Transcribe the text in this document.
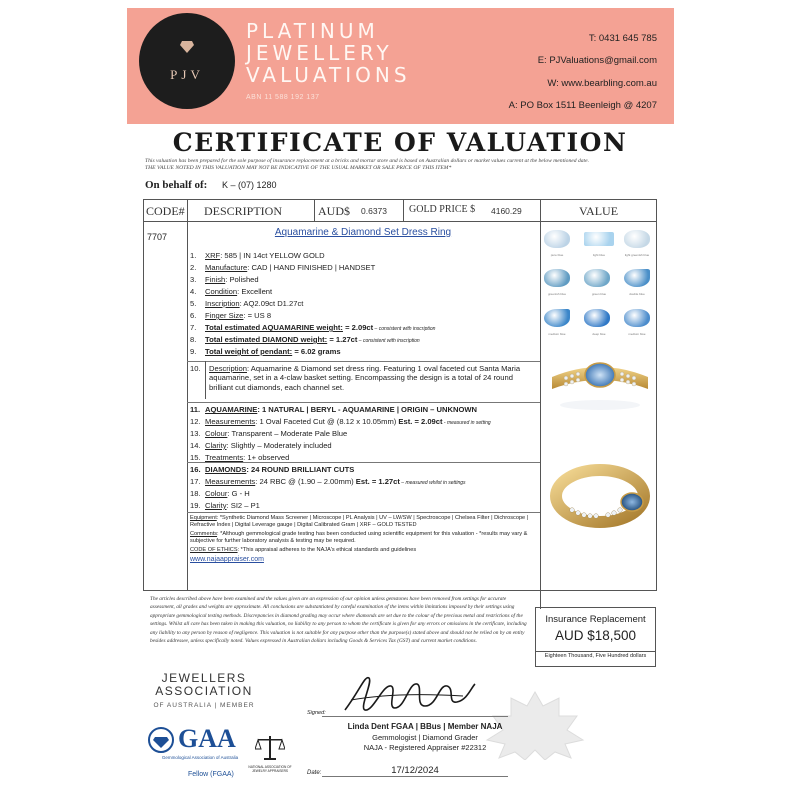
PJV
PLATINUM
JEWELLERY
VALUATIONS
ABN 11 588 192 137
T: 0431 645 785
E: PJValuations@gmail.com
W: www.bearbling.com.au
A: PO Box 1511 Beenleigh @ 4207
CERTIFICATE OF VALUATION
This valuation has been prepared for the sole purpose of insurance replacement at a bricks and mortar store and is based on Australian dollars or market values current at the below mentioned date.
THE VALUE NOTED IN THIS VALUATION MAY NOT BE INDICATIVE OF THE USUAL MARKET OR SALE PRICE OF THIS ITEM*
On behalf of: K – (07) 1280
CODE# DESCRIPTION	AUD$ 0.6373 GOLD PRICE $ 4160.29	VALUE
7707	Aquamarine & Diamond Set Dress Ring
1. XRF: 585 | IN 14ct YELLOW GOLD
2. Manufacture: CAD | HAND FINISHED | HANDSET
3. Finish: Polished
4. Condition: Excellent
5. Inscription: AQ2.09ct D1.27ct
6. Finger Size: = US 8
7. Total estimated AQUAMARINE weight: = 2.09ct – consistent with inscription
8. Total estimated DIAMOND weight: = 1.27ct – consistent with inscription
9. Total weight of pendant: = 6.02 grams
10.	Description: Aquamarine & Diamond set dress ring. Featuring 1 oval faceted cut Santa Maria aquamarine, set in a 4-claw basket setting. Encompassing the design is a total of 24 round brilliant cut diamonds, each channel set.
11. AQUAMARINE: 1 NATURAL | BERYL - AQUAMARINE | ORIGIN – UNKNOWN
12. Measurements: 1 Oval Faceted Cut @ (8.12 x 10.05mm) Est. = 2.09ct - measured in setting
13. Colour: Transparent – Moderate Pale Blue
14. Clarity: Slightly – Moderately included
15. Treatments: 1+ observed
16. DIAMONDS: 24 ROUND BRILLIANT CUTS
17. Measurements: 24 RBC @ (1.90 – 2.00mm) Est. = 1.27ct – measured whilst in settings
18. Colour: G - H
19. Clarity: SI2 – P1
Equipment: *Synthetic Diamond Mass Screener | Microscope | PL Analysis | UV – LW/SW | Spectroscope | Chelsea Filter | Dichroscope | Refractive Index | Digital Leverage gauge | Digital Calibrated Gram | XRF – GOLD TESTED
Comments: *Although gemmological grade testing has been conducted using scientific equipment for this valuation - *results may vary & subjective for further laboratory analysis & testing may be required.
CODE OF ETHICS: *This appraisal adheres to the NAJA's ethical standards and guidelines
www.najaappraiser.com
pure blue	light blue	light greenish blue
greenish blue	green blue	double blue
medium blue	deep blue	medium blue
The articles described above have been examined and the values given are an expression of our opinion unless gemstones have been removed from settings for accurate assessment, all grades and weights are approximate. All conclusions are substantiated by careful examination of the items within limitations imposed by their settings using appropriate gemmological testing methods. Discrepancies in diamond grading may occur where diamonds are set due to the colour of the precious metal and restrictions of the settings. Whilst all care has been taken in making this valuation, no liability to any person to whom the certificate is given for any errors or omissions in the certificate, including any liability to any person by reason of negligence. This valuation is not suitable for any purpose other than the purpose(s) stated above and should not be relied on by an entity besides addressee, unless specifically noted. Values expressed in Australian dollars including Goods & Services Tax (GST) and current market conditions.
Insurance Replacement
AUD $18,500
Eighteen Thousand, Five Hundred dollars
JEWELLERS
ASSOCIATION
OF AUSTRALIA | MEMBER
GAA
Gemmological Association of Australia
Fellow (FGAA)
NATIONAL ASSOCIATION OF JEWELRY APPRAISERS
Signed:
Linda Dent FGAA | BBus | Member NAJA
Gemmologist | Diamond Grader
NAJA - Registered Appraiser #22312
Date:	17/12/2024
